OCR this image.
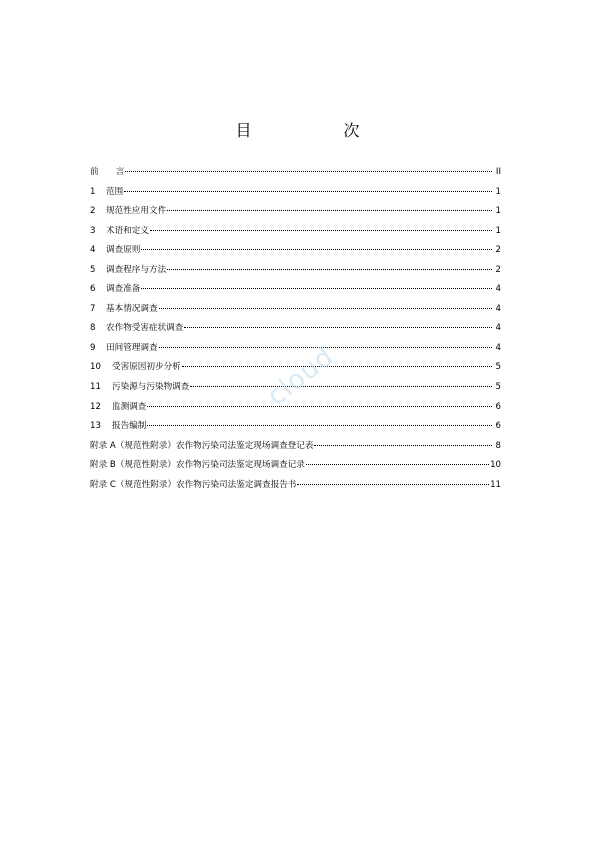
目　　次
前　　言	II
1	范围	1
2	规范性应用文件	1
3	术语和定义	1
4	调查原则	2
5	调查程序与方法	2
6	调查准备	4
7	基本情况调查	4
8	农作物受害症状调查	4
9	田间管理调查	4
10	受害原因初步分析	5
11	污染源与污染物调查	5
12	监测调查	6
13	报告编制	6
附录 A（规范性附录）农作物污染司法鉴定现场调查登记表	8
附录 B（规范性附录）农作物污染司法鉴定现场调查记录	10
附录 C（规范性附录）农作物污染司法鉴定调查报告书	11
cloud
